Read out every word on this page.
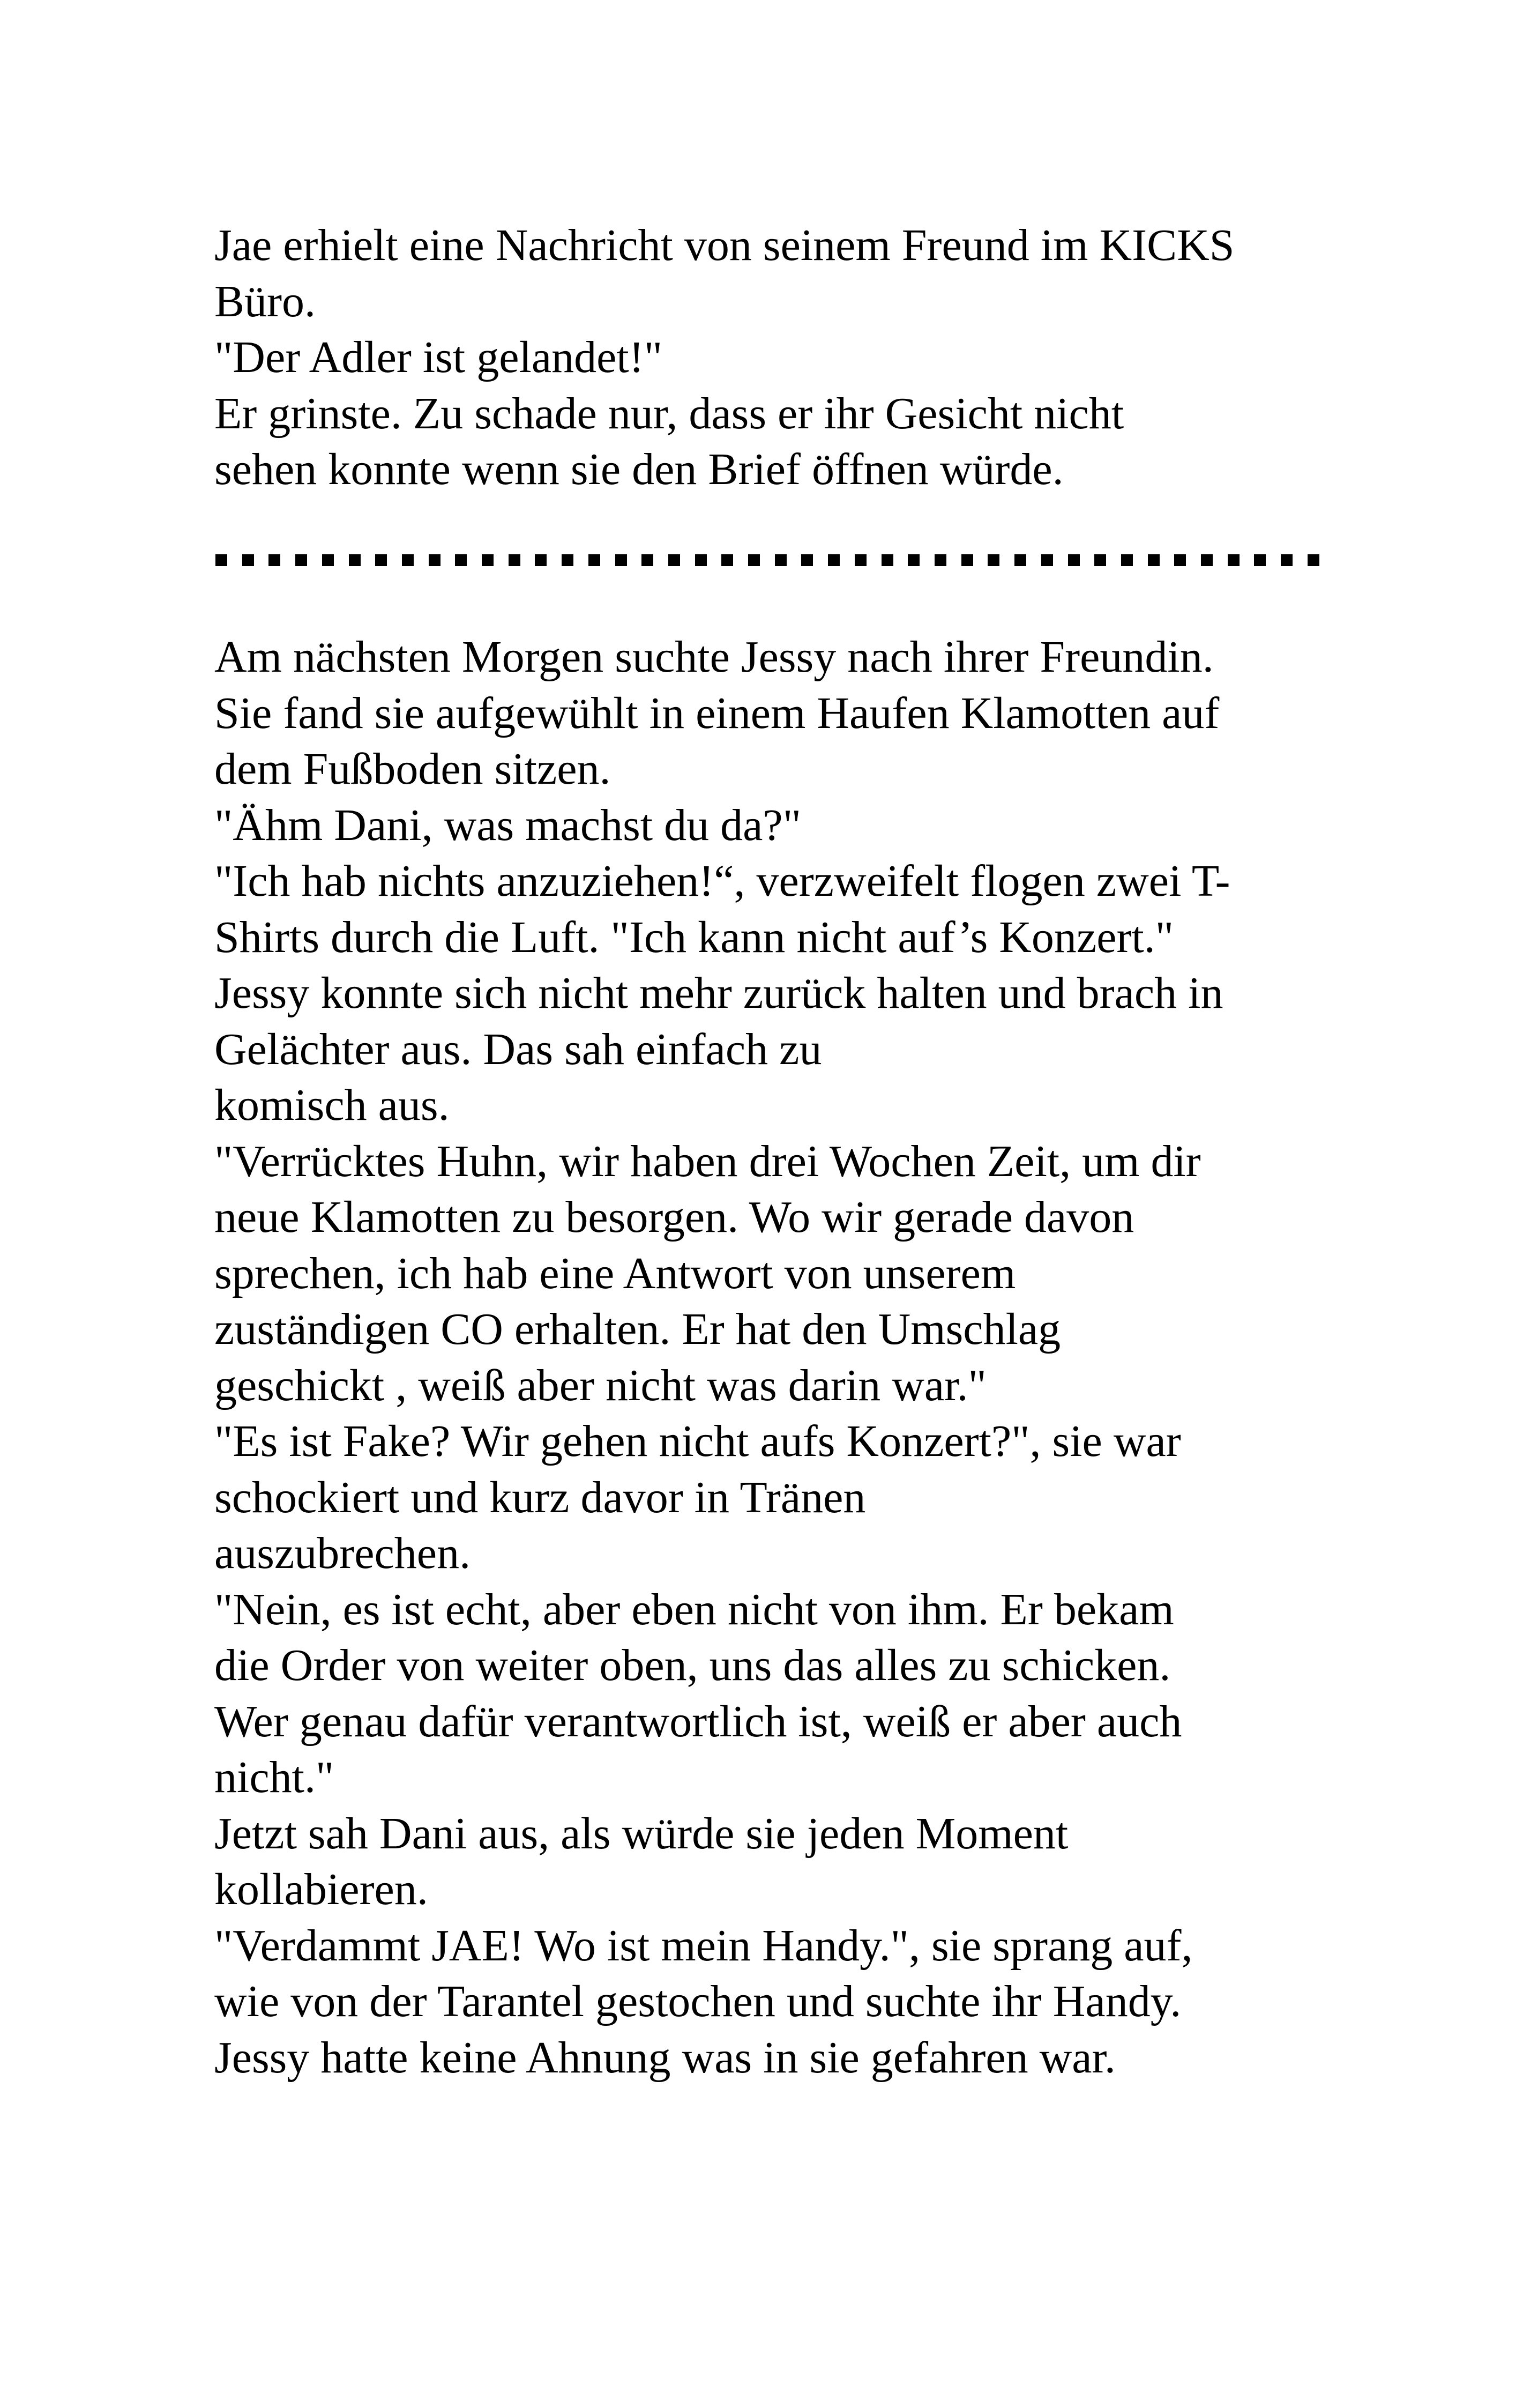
Jae erhielt eine Nachricht von seinem Freund im KICKS
Büro.
"Der Adler ist gelandet!"
Er grinste. Zu schade nur, dass er ihr Gesicht nicht
sehen konnte wenn sie den Brief öffnen würde.
Am nächsten Morgen suchte Jessy nach ihrer Freundin.
Sie fand sie aufgewühlt in einem Haufen Klamotten auf
dem Fußboden sitzen.
"Ähm Dani, was machst du da?"
"Ich hab nichts anzuziehen!“, verzweifelt flogen zwei T-
Shirts durch die Luft. "Ich kann nicht auf’s Konzert."
Jessy konnte sich nicht mehr zurück halten und brach in
Gelächter aus. Das sah einfach zu
komisch aus.
"Verrücktes Huhn, wir haben drei Wochen Zeit, um dir
neue Klamotten zu besorgen. Wo wir gerade davon
sprechen, ich hab eine Antwort von unserem
zuständigen CO erhalten. Er hat den Umschlag
geschickt , weiß aber nicht was darin war."
"Es ist Fake? Wir gehen nicht aufs Konzert?", sie war
schockiert und kurz davor in Tränen
auszubrechen.
"Nein, es ist echt, aber eben nicht von ihm. Er bekam
die Order von weiter oben, uns das alles zu schicken.
Wer genau dafür verantwortlich ist, weiß er aber auch
nicht."
Jetzt sah Dani aus, als würde sie jeden Moment
kollabieren.
"Verdammt JAE! Wo ist mein Handy.", sie sprang auf,
wie von der Tarantel gestochen und suchte ihr Handy.
Jessy hatte keine Ahnung was in sie gefahren war.
